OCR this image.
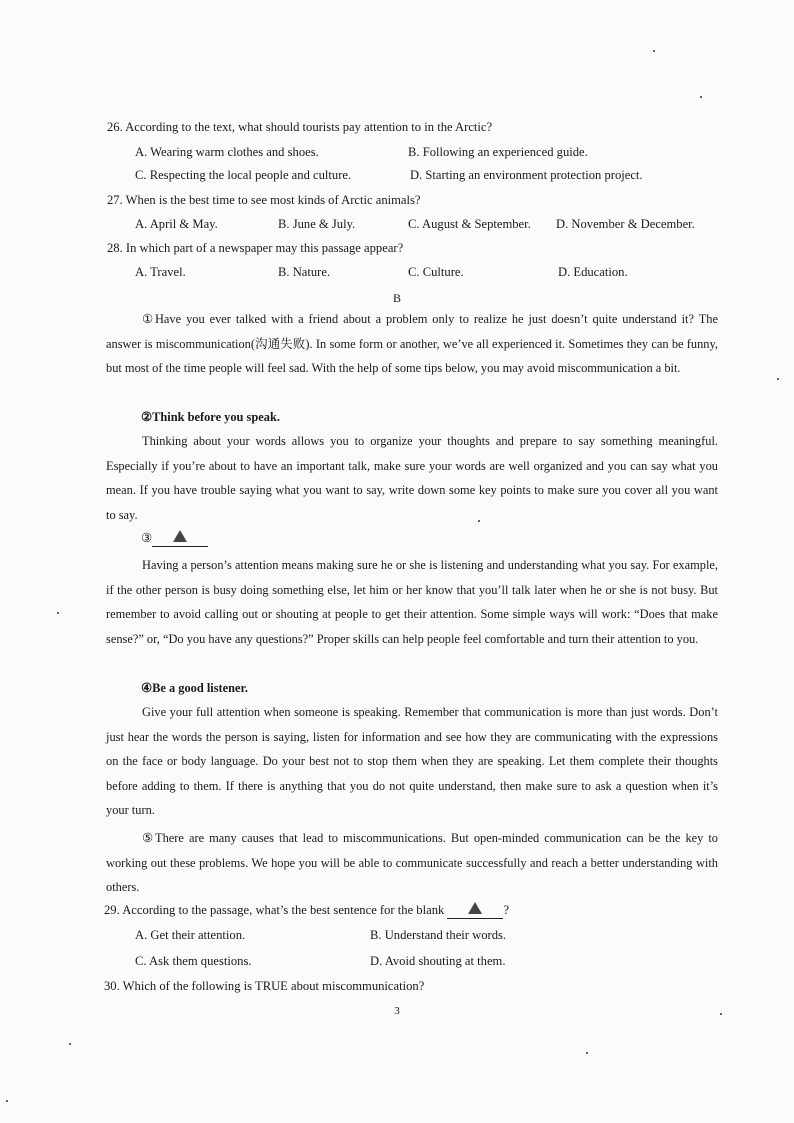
26. According to the text, what should tourists pay attention to in the Arctic?
A. Wearing warm clothes and shoes.	B. Following an experienced guide.
C. Respecting the local people and culture.	D. Starting an environment protection project.
27. When is the best time to see most kinds of Arctic animals?
A. April & May.	B. June & July.	C. August & September. D. November & December.
28. In which part of a newspaper may this passage appear?
A. Travel.	B. Nature.	C. Culture.	D. Education.
B
①Have you ever talked with a friend about a problem only to realize he just doesn’t quite understand it? The answer is miscommunication(沟通失败). In some form or another, we’ve all experienced it. Sometimes they can be funny, but most of the time people will feel sad. With the help of some tips below, you may avoid miscommunication a bit.
②Think before you speak.
Thinking about your words allows you to organize your thoughts and prepare to say something meaningful. Especially if you’re about to have an important talk, make sure your words are well organized and you can say what you mean. If you have trouble saying what you want to say, write down some key points to make sure you cover all you want to say.
③
Having a person’s attention means making sure he or she is listening and understanding what you say. For example, if the other person is busy doing something else, let him or her know that you’ll talk later when he or she is not busy. But remember to avoid calling out or shouting at people to get their attention. Some simple ways will work: “Does that make sense?” or, “Do you have any questions?” Proper skills can help people feel comfortable and turn their attention to you.
④Be a good listener.
Give your full attention when someone is speaking. Remember that communication is more than just words. Don’t just hear the words the person is saying, listen for information and see how they are communicating with the expressions on the face or body language. Do your best not to stop them when they are speaking. Let them complete their thoughts before adding to them. If there is anything that you do not quite understand, then make sure to ask a question when it’s your turn.
⑤There are many causes that lead to miscommunications. But open-minded communication can be the key to working out these problems. We hope you will be able to communicate successfully and reach a better understanding with others.
29. According to the passage, what’s the best sentence for the blank	?
A. Get their attention.	B. Understand their words.
C. Ask them questions.	D. Avoid shouting at them.
30. Which of the following is TRUE about miscommunication?
3
